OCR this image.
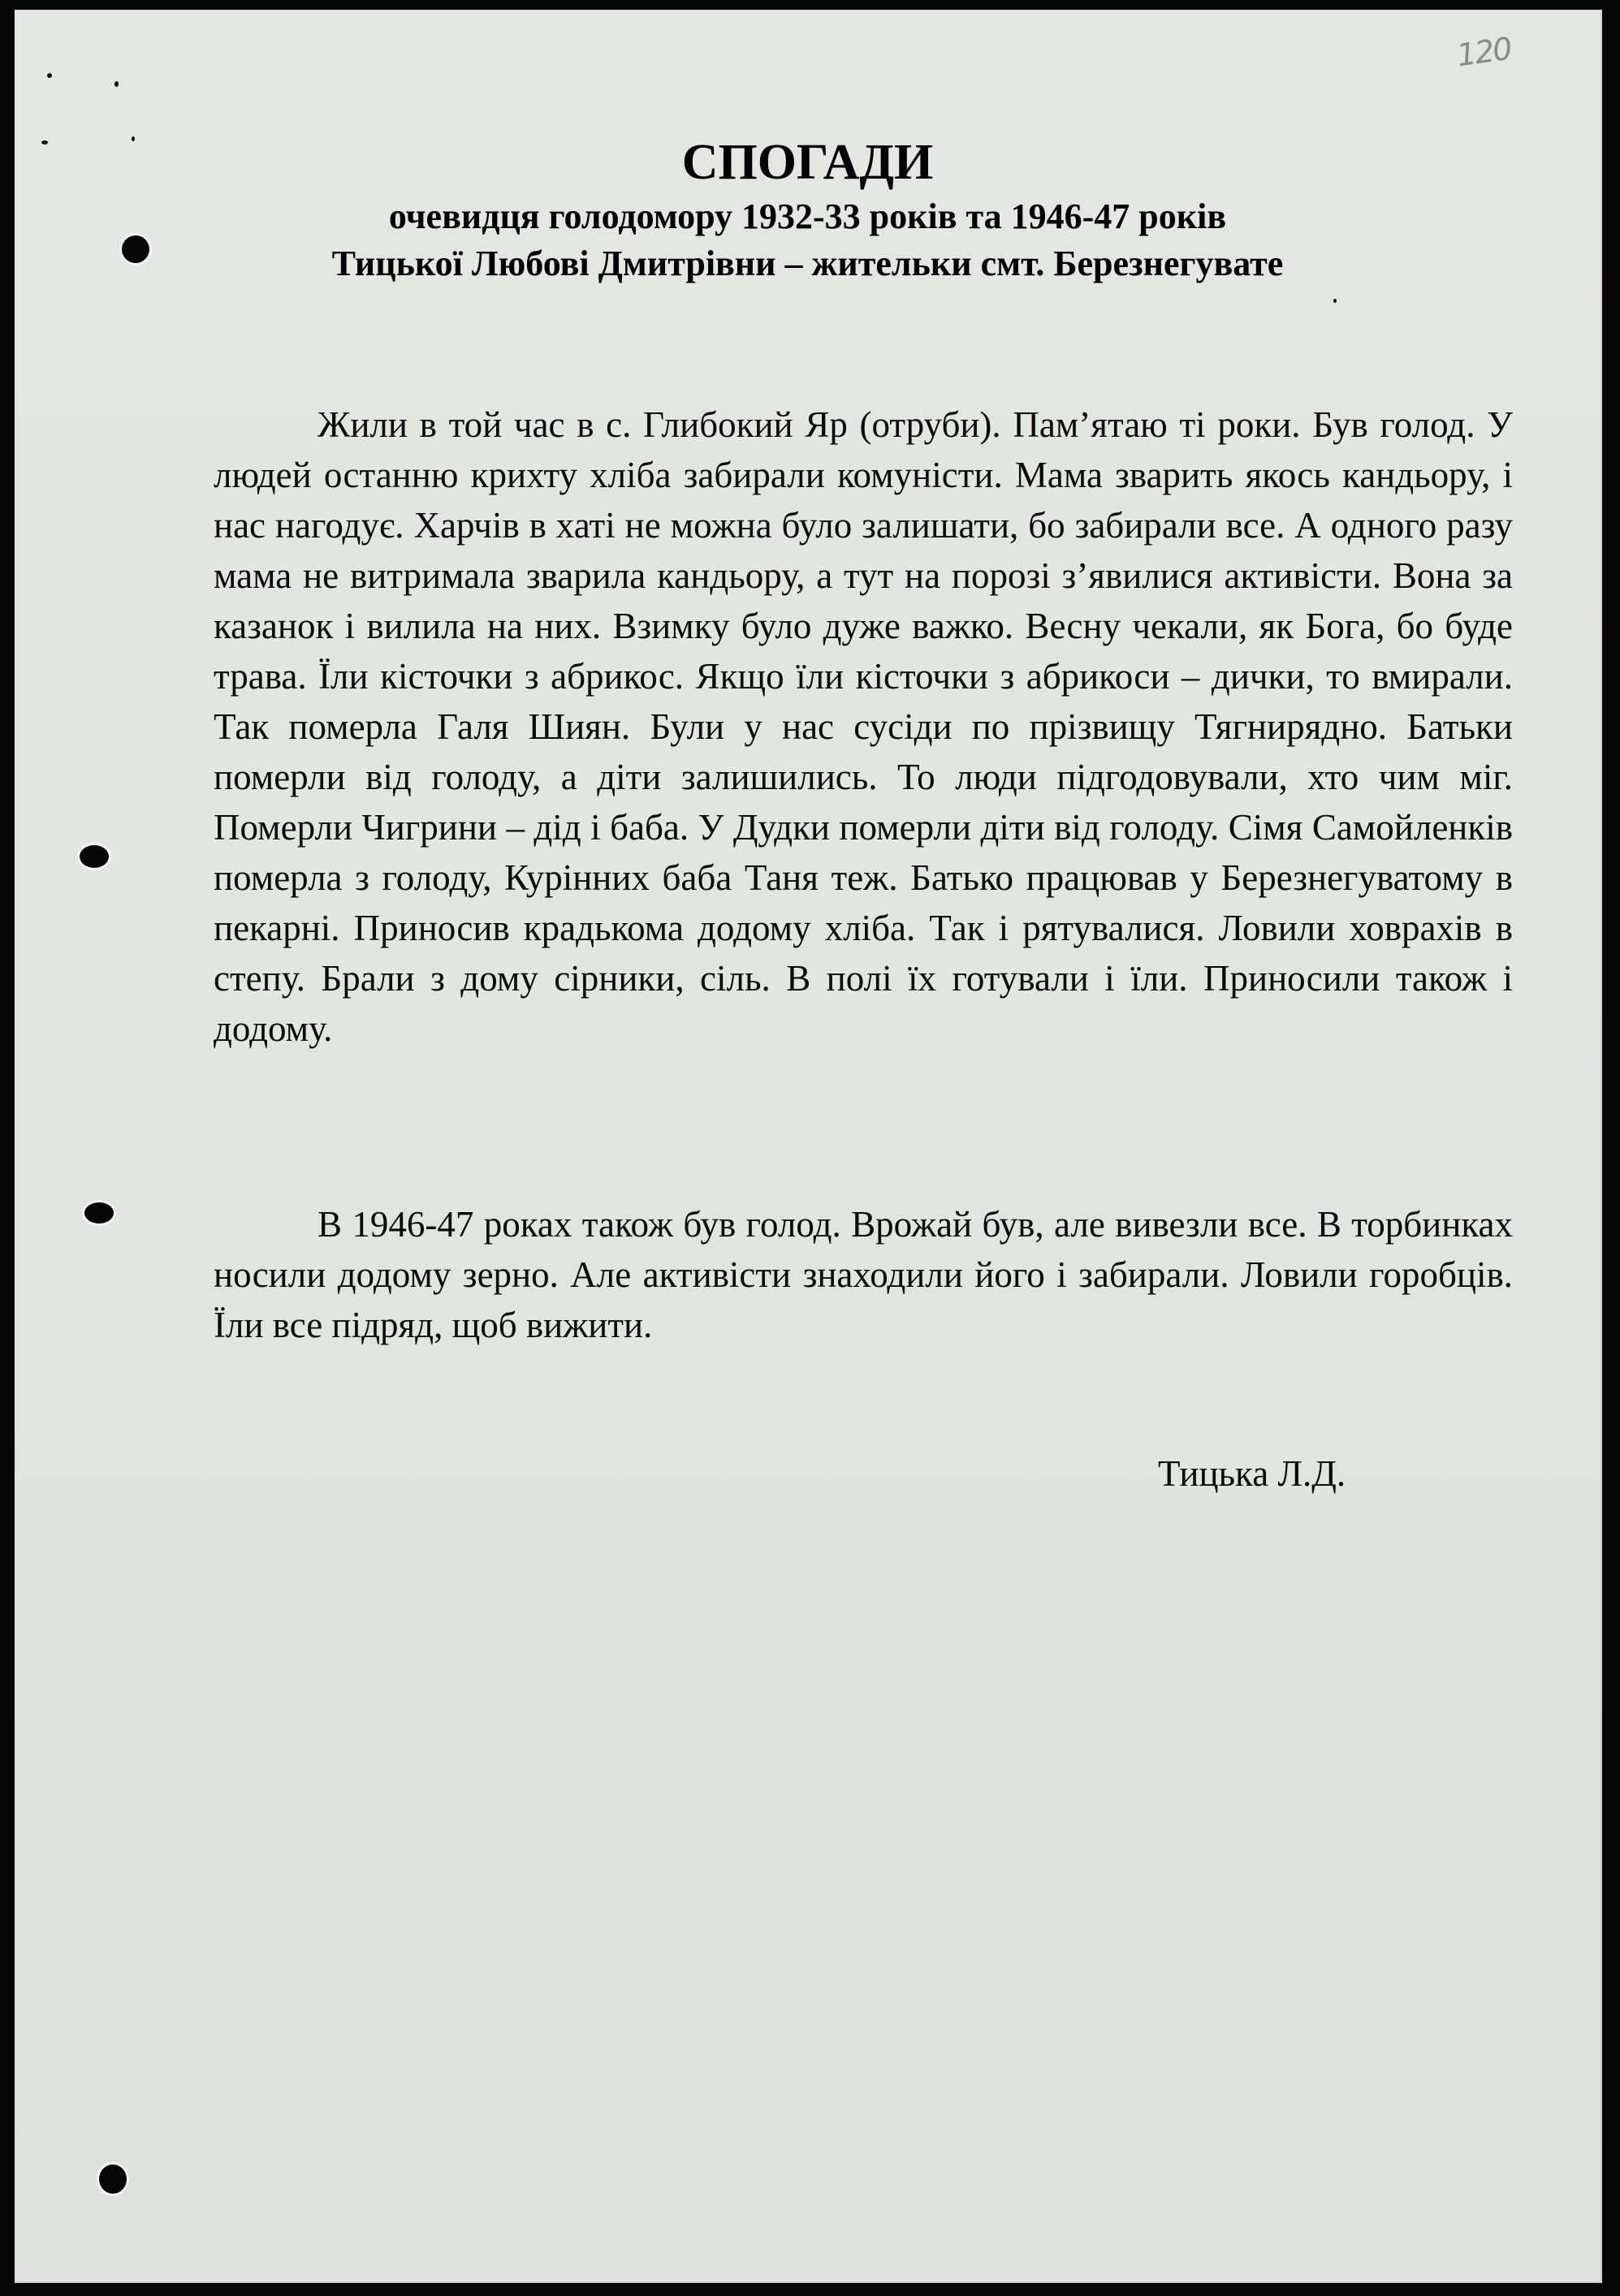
120
СПОГАДИ
очевидця голодомору 1932-33 років та 1946-47 років
Тицької Любові Дмитрівни – жительки смт. Березнегувате

Жили в той час в с. Глибокий Яр (отруби). Пам’ятаю ті роки. Був голод. У людей останню крихту хліба забирали комуністи. Мама зварить якось кандьору, і нас нагодує. Харчів в хаті не можна було залишати, бо забирали все. А одного разу мама не витримала зварила кандьору, а тут на порозі з’явилися активісти. Вона за казанок і вилила на них. Взимку було дуже важко. Весну чекали, як Бога, бо буде трава. Їли кісточки з абрикос. Якщо їли кісточки з абрикоси – дички, то вмирали. Так померла Галя Шиян. Були у нас сусіди по прізвищу Тягнирядно. Батьки померли від голоду, а діти залишились. То люди підгодовували, хто чим міг. Померли Чигрини – дід і баба. У Дудки померли діти від голоду. Сімя Самойленків померла з голоду, Курінних баба Таня теж. Батько працював у Березнегуватому в пекарні. Приносив крадькома додому хліба. Так і рятувалися. Ловили ховрахів в степу. Брали з дому сірники, сіль. В полі їх готували і їли. Приносили також і додому.

В 1946-47 роках також був голод. Врожай був, але вивезли все. В торбинках носили додому зерно. Але активісти знаходили його і забирали. Ловили горобців. Їли все підряд, щоб вижити.

Тицька Л.Д.
